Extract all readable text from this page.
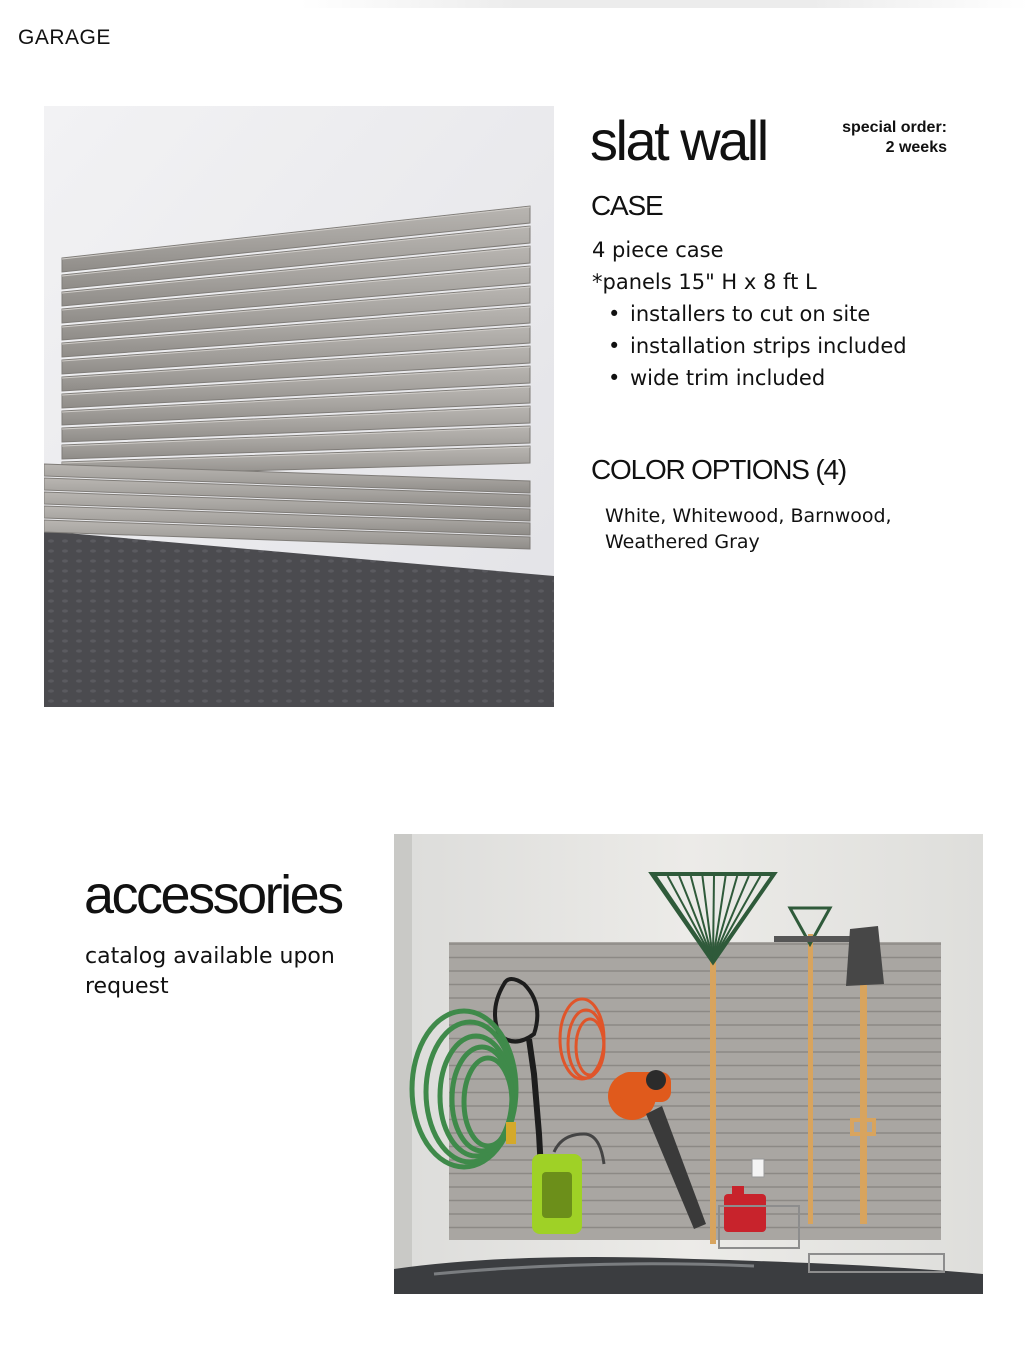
GARAGE
slat wall	special order:
2 weeks
CASE
4 piece case
*panels 15" H x 8 ft L
• installers to cut on site
• installation strips included
• wide trim included
COLOR OPTIONS (4)
White, Whitewood, Barnwood, Weathered Gray
accessories
catalog available upon request
